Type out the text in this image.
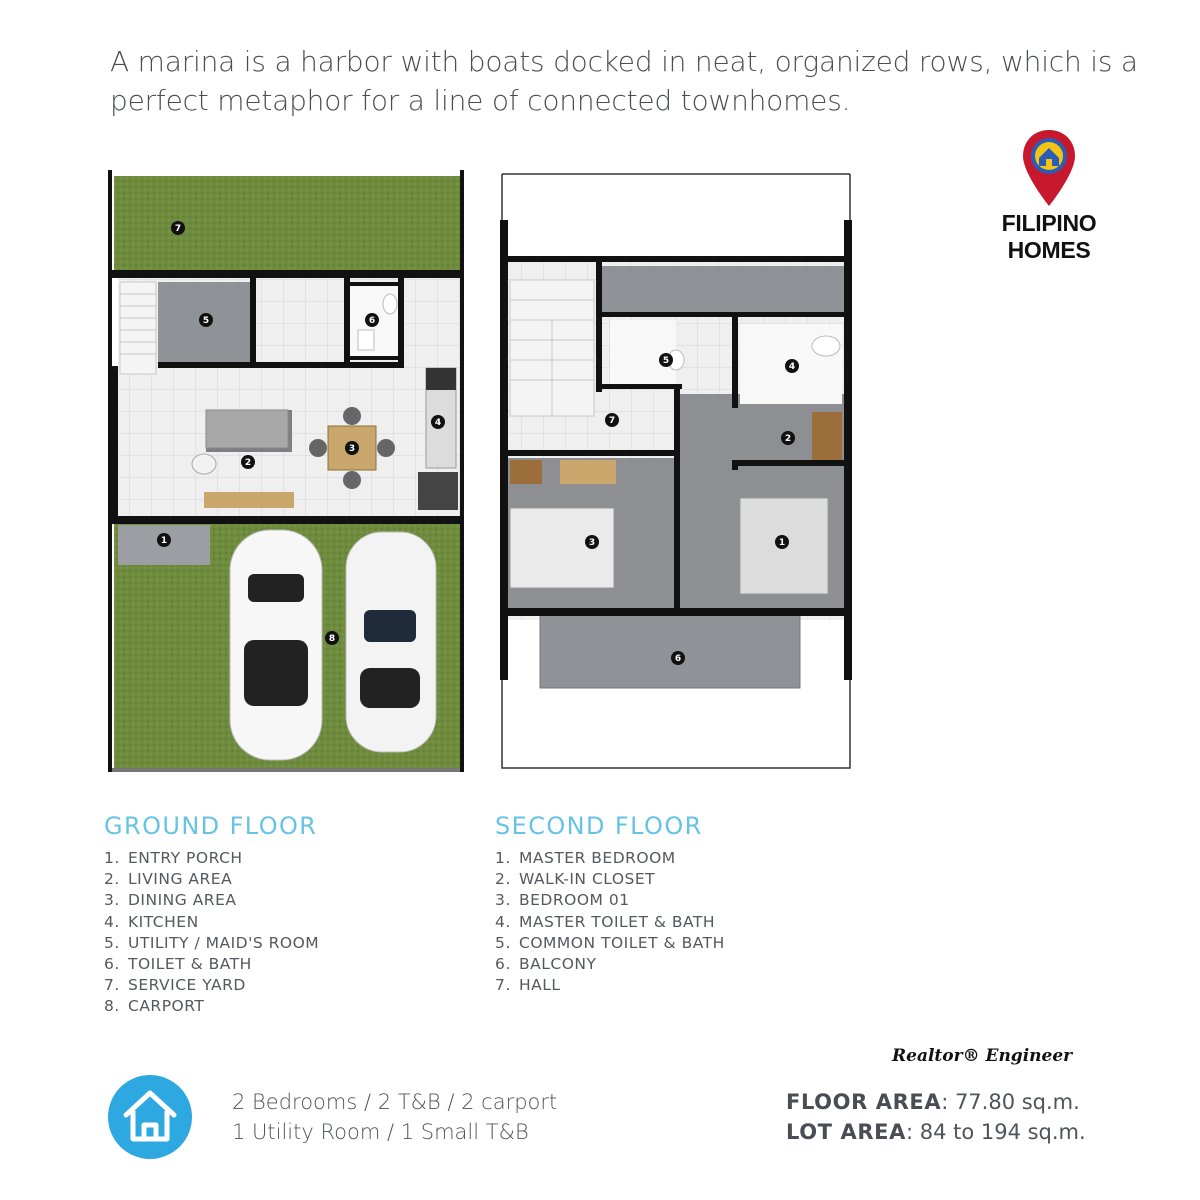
A marina is a harbor with boats docked in neat, organized rows, which is a perfect metaphor for a line of connected townhomes.
1
2
3
4
5	6
7
8
1
2
3
4
5
6
7
FILIPINO
HOMES
GROUND FLOOR
1. ENTRY PORCH
2. LIVING AREA
3. DINING AREA
4. KITCHEN
5. UTILITY / MAID'S ROOM
6. TOILET & BATH
7. SERVICE YARD
8. CARPORT
SECOND FLOOR
1. MASTER BEDROOM
2. WALK-IN CLOSET
3. BEDROOM 01
4. MASTER TOILET & BATH
5. COMMON TOILET & BATH
6. BALCONY
7. HALL
Realtor® Engineer
2 Bedrooms / 2 T&B / 2 carport
1 Utility Room / 1 Small T&B
FLOOR AREA: 77.80 sq.m.
LOT AREA: 84 to 194 sq.m.
